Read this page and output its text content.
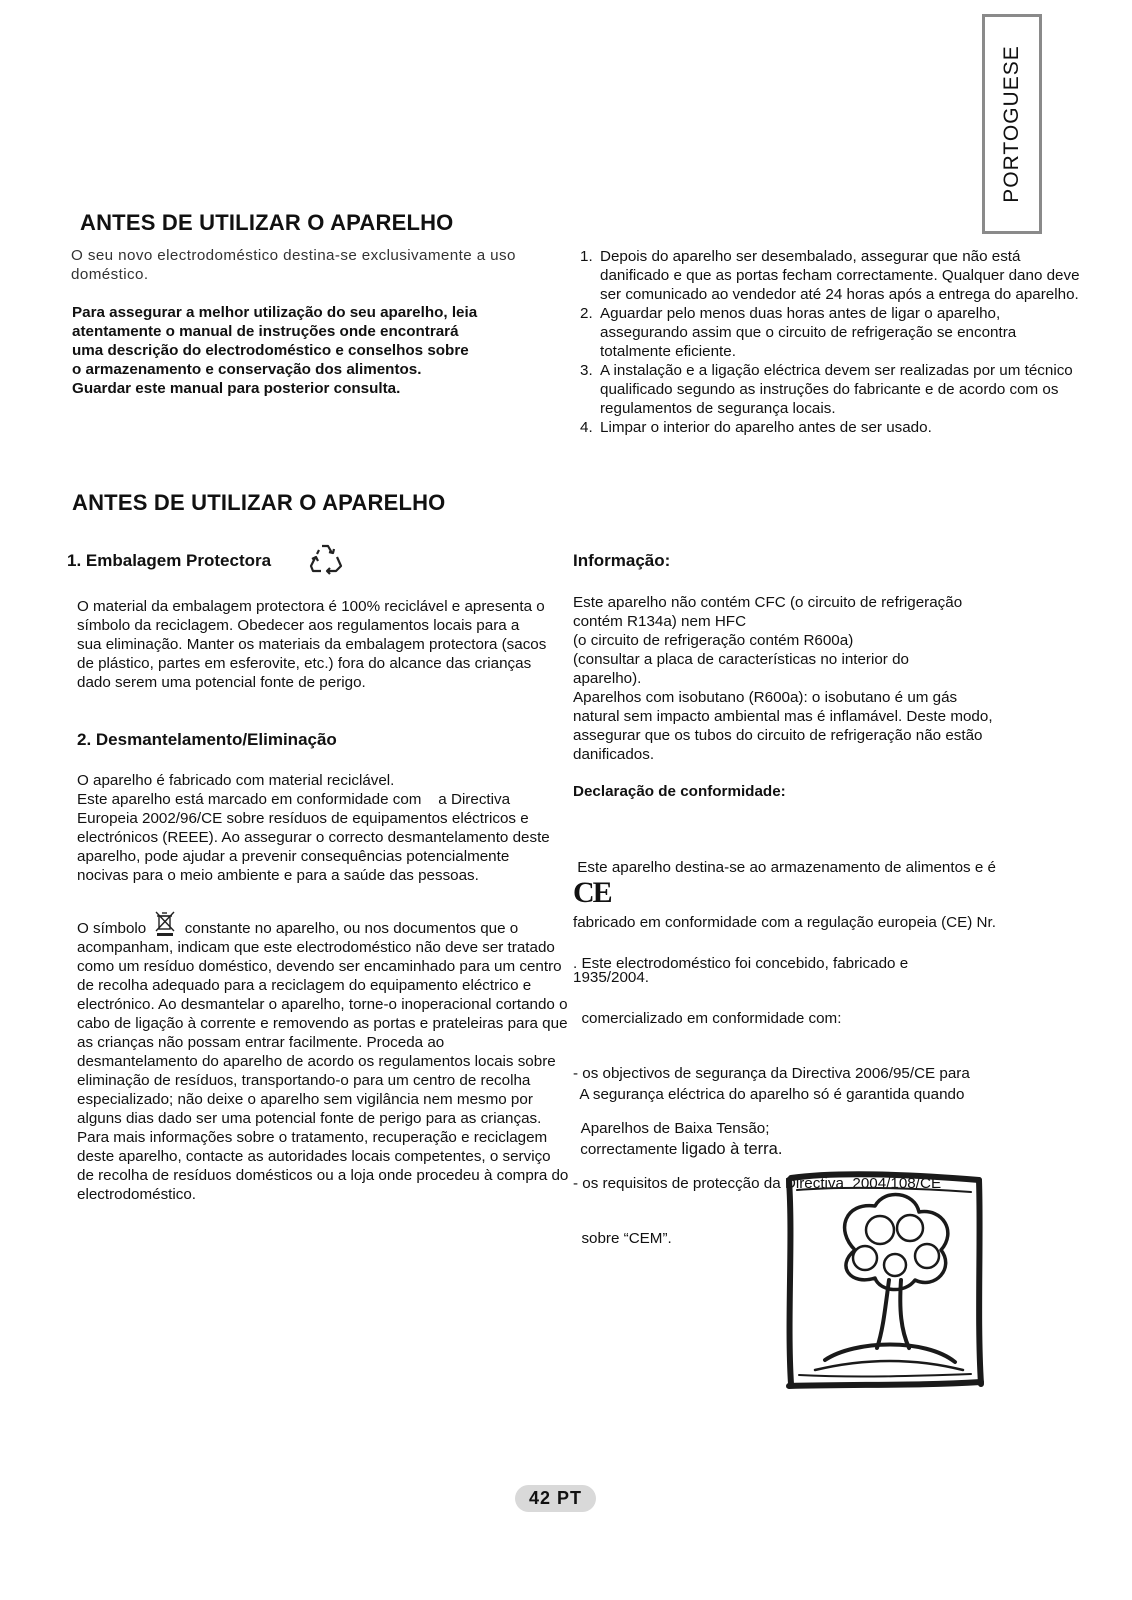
PORTOGUESE
ANTES DE UTILIZAR O APARELHO

O seu novo electrodoméstico destina-se exclusivamente a uso doméstico.

Para assegurar a melhor utilização do seu aparelho, leia
atentamente o manual de instruções onde encontrará
uma descrição do electrodoméstico e conselhos sobre
o armazenamento e conservação dos alimentos.
Guardar este manual para posterior consulta.
1. Depois do aparelho ser desembalado, assegurar que não está danificado e que as portas fecham correctamente. Qualquer dano deve ser comunicado ao vendedor até 24 horas após a entrega do aparelho.
2. Aguardar pelo menos duas horas antes de ligar o aparelho, assegurando assim que o circuito de refrigeração se encontra totalmente eficiente.
3. A instalação e a ligação eléctrica devem ser realizadas por um técnico qualificado segundo as instruções do fabricante e de acordo com os regulamentos de segurança locais.
4. Limpar o interior do aparelho antes de ser usado.
ANTES DE UTILIZAR O APARELHO
1. Embalagem Protectora

O material da embalagem protectora é 100% reciclável e apresenta o símbolo da reciclagem. Obedecer aos regulamentos locais para a sua eliminação. Manter os materiais da embalagem protectora (sacos de plástico, partes em esferovite, etc.) fora do alcance das crianças dado serem uma potencial fonte de perigo.

2. Desmantelamento/Eliminação

O aparelho é fabricado com material reciclável.

Este aparelho está marcado em conformidade com    a Directiva Europeia 2002/96/CE sobre resíduos de equipamentos eléctricos e electrónicos (REEE). Ao assegurar o correcto desmantelamento deste aparelho, pode ajudar a prevenir consequências potencialmente nocivas para o meio ambiente e para a saúde das pessoas.

O símbolo	constante no aparelho, ou nos documentos que o acompanham, indicam que este electrodoméstico não deve ser tratado como um resíduo doméstico, devendo ser encaminhado para um centro de recolha adequado para a reciclagem do equipamento eléctrico e electrónico. Ao desmantelar o aparelho, torne-o inoperacional cortando o cabo de ligação à corrente e removendo as portas e prateleiras para que as crianças não possam entrar facilmente. Proceda ao desmantelamento do aparelho de acordo os regulamentos locais sobre eliminação de resíduos, transportando-o para um centro de recolha especializado; não deixe o aparelho sem vigilância nem mesmo por alguns dias dado ser uma potencial fonte de perigo para as crianças. Para mais informações sobre o tratamento, recuperação e reciclagem deste aparelho, contacte as autoridades locais competentes, o serviço de recolha de resíduos domésticos ou a loja onde procedeu à compra do electrodoméstico.

Informação:
Este aparelho não contém CFC (o circuito de refrigeração
contém R134a) nem HFC
(o circuito de refrigeração contém R600a)
(consultar a placa de características no interior do
aparelho).
Aparelhos com isobutano (R600a): o isobutano é um gás
natural sem impacto ambiental mas é inflamável. Deste modo,
assegurar que os tubos do circuito de refrigeração não estão
danificados.
Declaração de conformidade:

Este aparelho destina-se ao armazenamento de alimentos e é

fabricado em conformidade com a regulação europeia (CE) Nr.

1935/2004.

CE

. Este electrodoméstico foi concebido, fabricado e

comercializado em conformidade com:

- os objectivos de segurança da Directiva 2006/95/CE para

Aparelhos de Baixa Tensão;

- os requisitos de protecção da Directiva  2004/108/CE

sobre “CEM”.

A segurança eléctrica do aparelho só é garantida quando

correctamente ligado à terra.

42 PT
